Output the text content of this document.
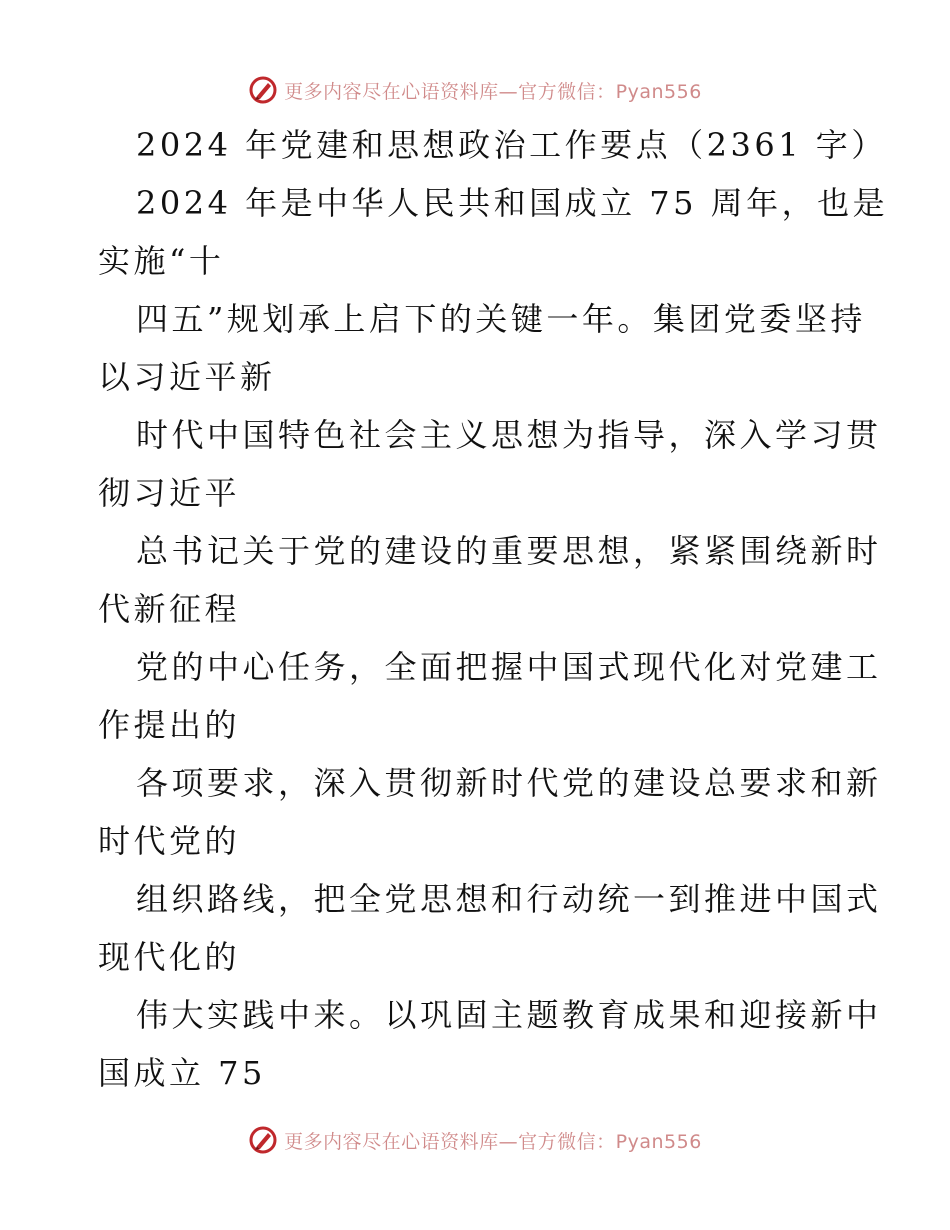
更多内容尽在心语资料库—官方微信：Pyan556
2024 年党建和思想政治工作要点（2361 字）
2024 年是中华人民共和国成立 75 周年，也是
实施“十
四五”规划承上启下的关键一年。集团党委坚持
以习近平新
时代中国特色社会主义思想为指导，深入学习贯
彻习近平
总书记关于党的建设的重要思想，紧紧围绕新时
代新征程
党的中心任务，全面把握中国式现代化对党建工
作提出的
各项要求，深入贯彻新时代党的建设总要求和新
时代党的
组织路线，把全党思想和行动统一到推进中国式
现代化的
伟大实践中来。以巩固主题教育成果和迎接新中
国成立 75
更多内容尽在心语资料库—官方微信：Pyan556
